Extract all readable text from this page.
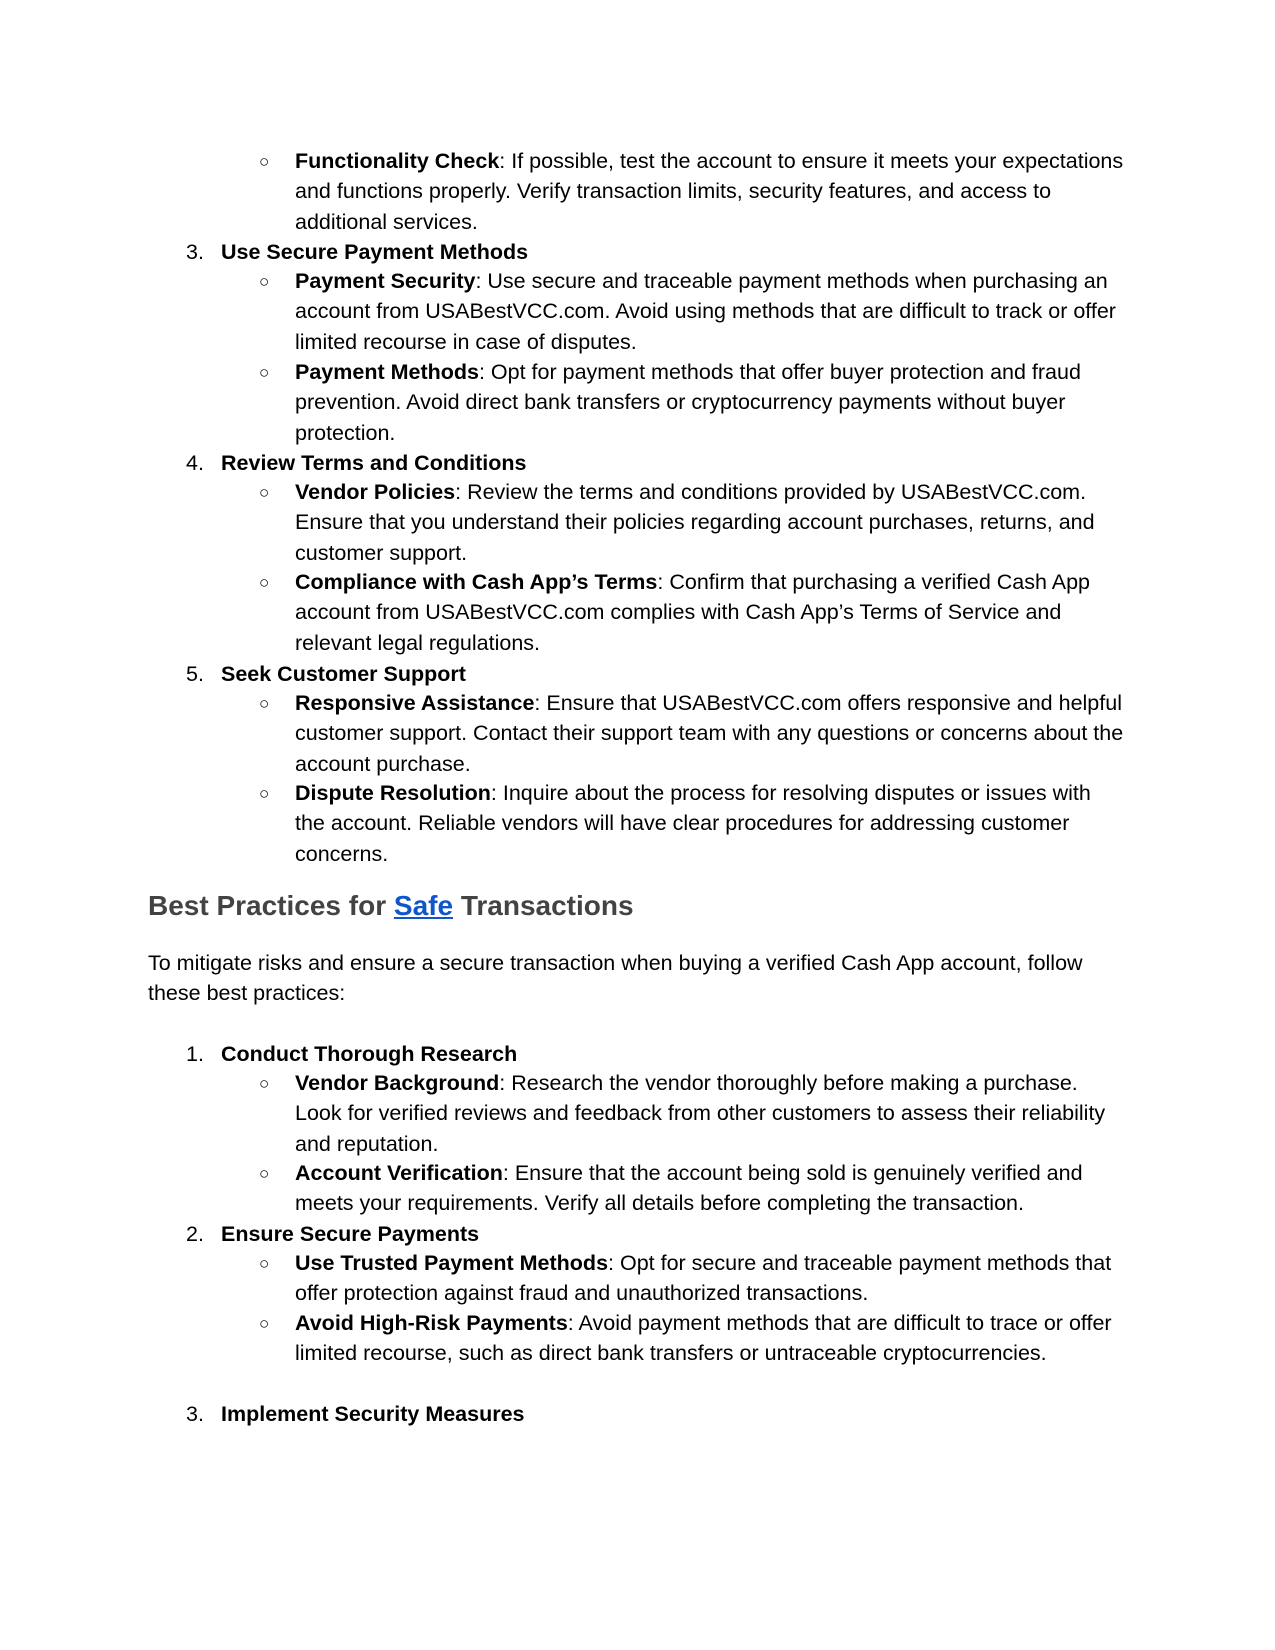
○ Functionality Check: If possible, test the account to ensure it meets your expectations and functions properly. Verify transaction limits, security features, and access to additional services.
3. Use Secure Payment Methods
○ Payment Security: Use secure and traceable payment methods when purchasing an account from USABestVCC.com. Avoid using methods that are difficult to track or offer limited recourse in case of disputes.
○ Payment Methods: Opt for payment methods that offer buyer protection and fraud prevention. Avoid direct bank transfers or cryptocurrency payments without buyer protection.
4. Review Terms and Conditions
○ Vendor Policies: Review the terms and conditions provided by USABestVCC.com. Ensure that you understand their policies regarding account purchases, returns, and customer support.
○ Compliance with Cash App’s Terms: Confirm that purchasing a verified Cash App account from USABestVCC.com complies with Cash App’s Terms of Service and relevant legal regulations.
5. Seek Customer Support
○ Responsive Assistance: Ensure that USABestVCC.com offers responsive and helpful customer support. Contact their support team with any questions or concerns about the account purchase.
○ Dispute Resolution: Inquire about the process for resolving disputes or issues with the account. Reliable vendors will have clear procedures for addressing customer concerns.
Best Practices for Safe Transactions
To mitigate risks and ensure a secure transaction when buying a verified Cash App account, follow these best practices:
1. Conduct Thorough Research
○ Vendor Background: Research the vendor thoroughly before making a purchase. Look for verified reviews and feedback from other customers to assess their reliability and reputation.
○ Account Verification: Ensure that the account being sold is genuinely verified and meets your requirements. Verify all details before completing the transaction.
2. Ensure Secure Payments
○ Use Trusted Payment Methods: Opt for secure and traceable payment methods that offer protection against fraud and unauthorized transactions.
○ Avoid High-Risk Payments: Avoid payment methods that are difficult to trace or offer limited recourse, such as direct bank transfers or untraceable cryptocurrencies.
3. Implement Security Measures
